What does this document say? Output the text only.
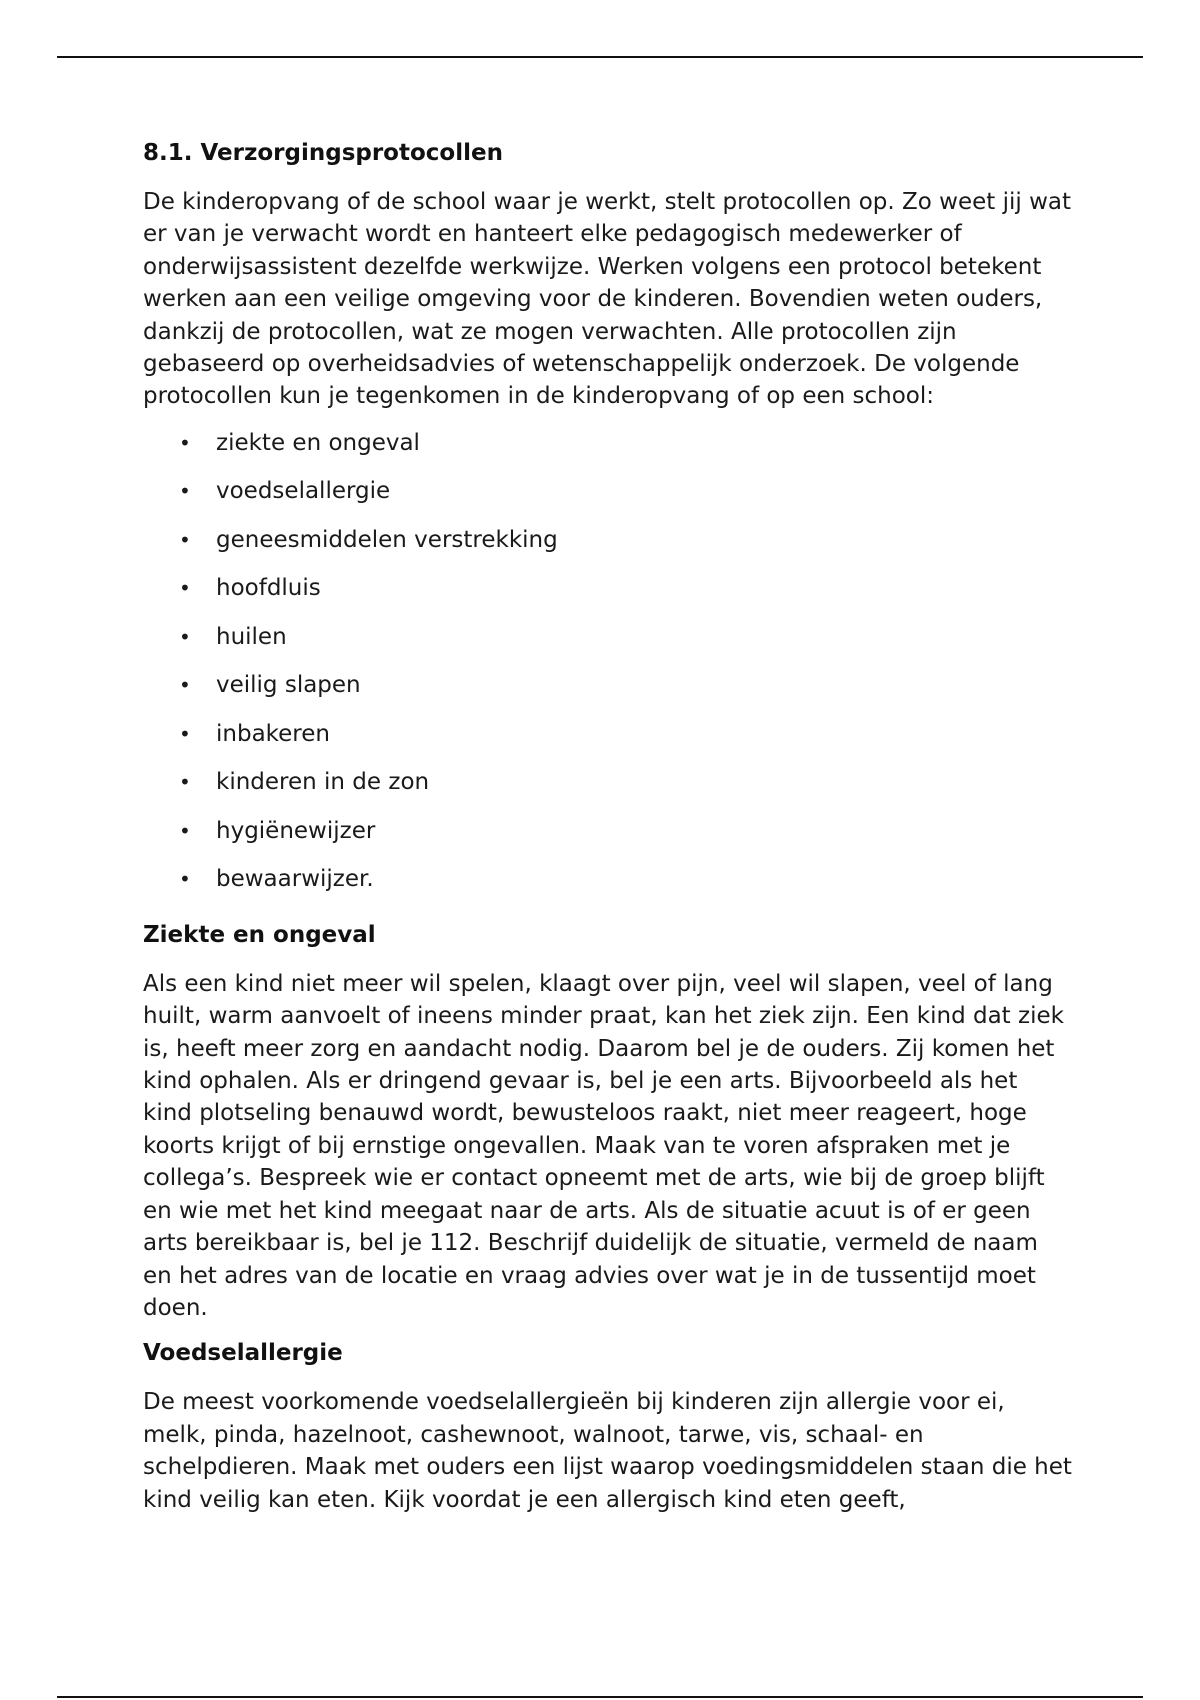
8.1. Verzorgingsprotocollen

De kinderopvang of de school waar je werkt, stelt protocollen op. Zo weet jij wat er van je verwacht wordt en hanteert elke pedagogisch medewerker of onderwijsassistent dezelfde werkwijze. Werken volgens een protocol betekent werken aan een veilige omgeving voor de kinderen. Bovendien weten ouders, dankzij de protocollen, wat ze mogen verwachten. Alle protocollen zijn gebaseerd op overheidsadvies of wetenschappelijk onderzoek. De volgende protocollen kun je tegenkomen in de kinderopvang of op een school:

• ziekte en ongeval
• voedselallergie
• geneesmiddelen verstrekking
• hoofdluis
• huilen
• veilig slapen
• inbakeren
• kinderen in de zon
• hygiënewijzer
• bewaarwijzer.
Ziekte en ongeval

Als een kind niet meer wil spelen, klaagt over pijn, veel wil slapen, veel of lang huilt, warm aanvoelt of ineens minder praat, kan het ziek zijn. Een kind dat ziek is, heeft meer zorg en aandacht nodig. Daarom bel je de ouders. Zij komen het kind ophalen. Als er dringend gevaar is, bel je een arts. Bijvoorbeeld als het kind plotseling benauwd wordt, bewusteloos raakt, niet meer reageert, hoge koorts krijgt of bij ernstige ongevallen. Maak van te voren afspraken met je collega’s. Bespreek wie er contact opneemt met de arts, wie bij de groep blijft en wie met het kind meegaat naar de arts. Als de situatie acuut is of er geen arts bereikbaar is, bel je 112. Beschrijf duidelijk de situatie, vermeld de naam en het adres van de locatie en vraag advies over wat je in de tussentijd moet doen.

Voedselallergie

De meest voorkomende voedselallergieën bij kinderen zijn allergie voor ei, melk, pinda, hazelnoot, cashewnoot, walnoot, tarwe, vis, schaal- en schelpdieren. Maak met ouders een lijst waarop voedingsmiddelen staan die het kind veilig kan eten. Kijk voordat je een allergisch kind eten geeft,
